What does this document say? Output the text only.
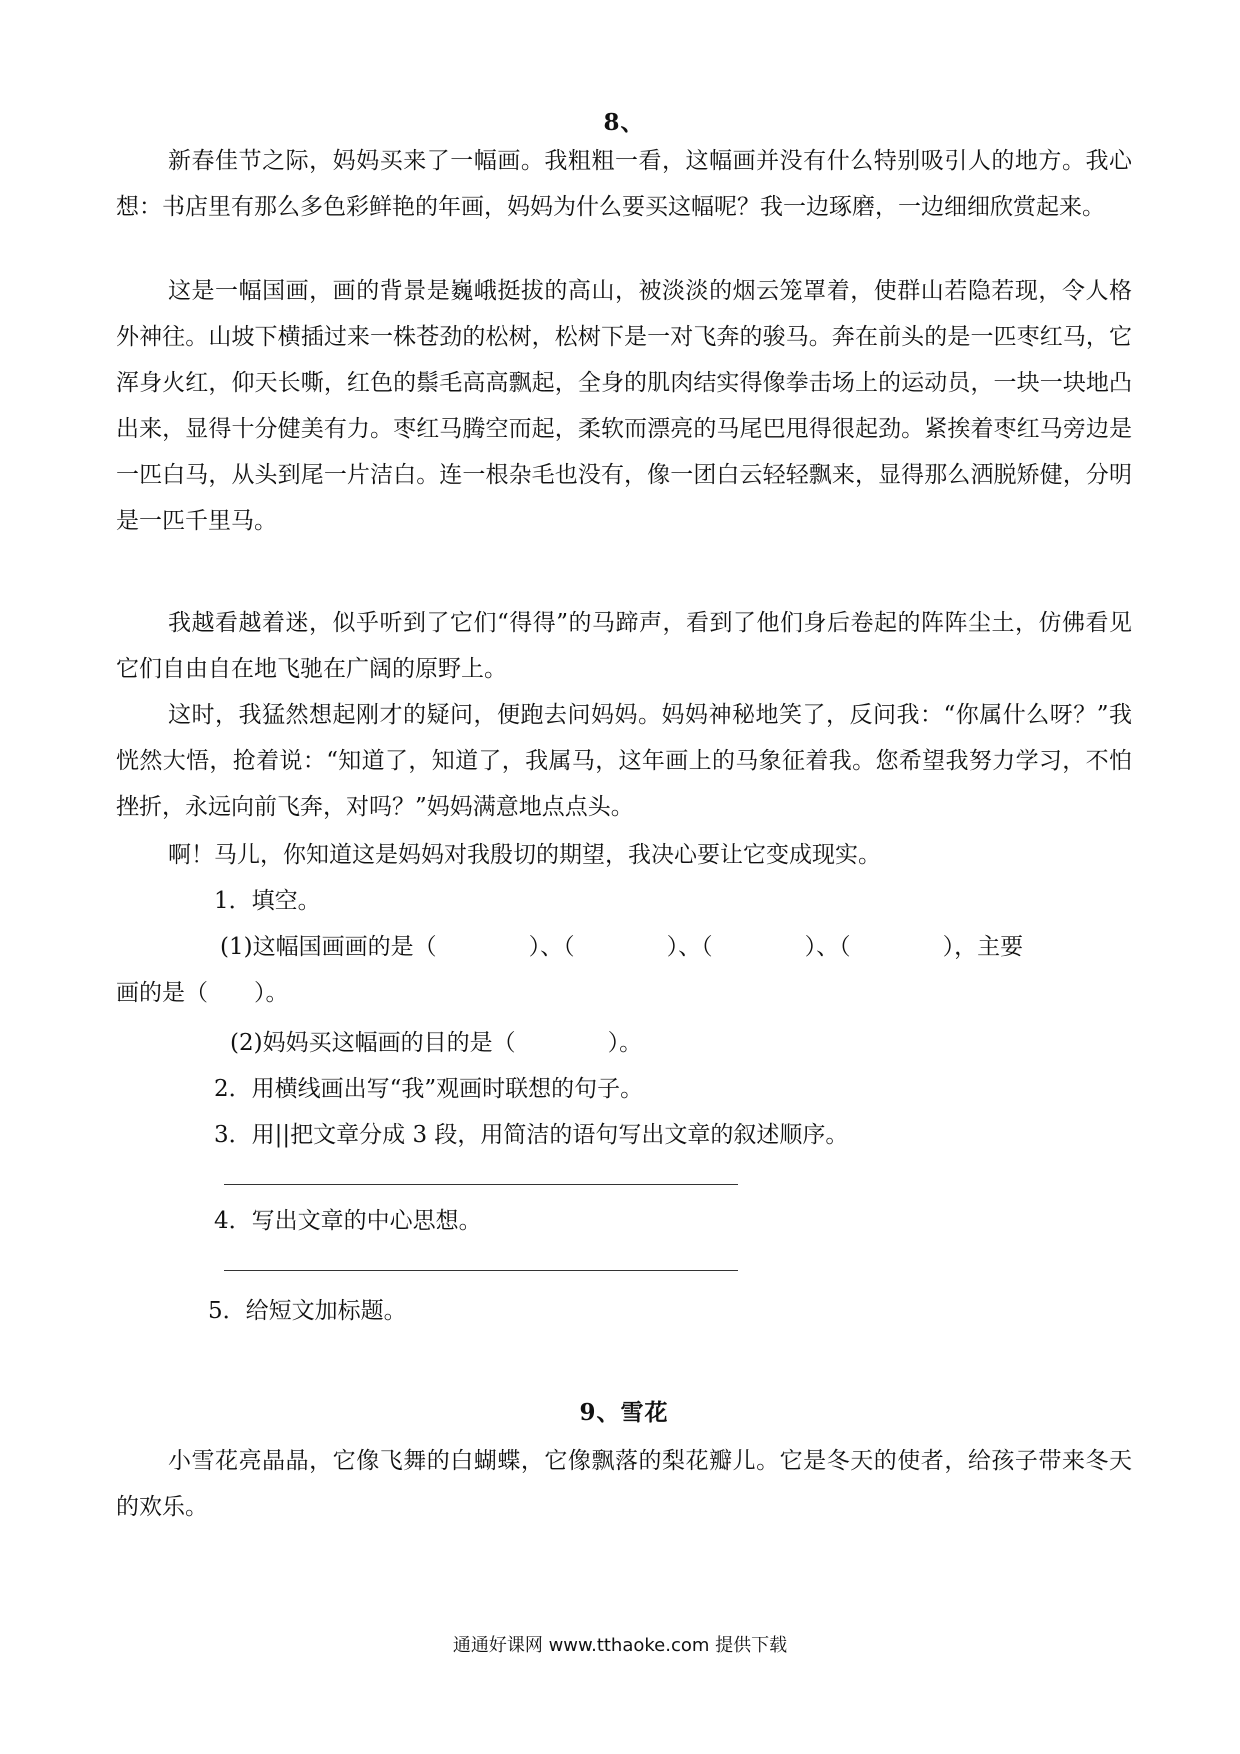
8、
新春佳节之际，妈妈买来了一幅画。我粗粗一看，这幅画并没有什么特别吸引人的地方。我心想：书店里有那么多色彩鲜艳的年画，妈妈为什么要买这幅呢？我一边琢磨，一边细细欣赏起来。
这是一幅国画，画的背景是巍峨挺拔的高山，被淡淡的烟云笼罩着，使群山若隐若现，令人格外神往。山坡下横插过来一株苍劲的松树，松树下是一对飞奔的骏马。奔在前头的是一匹枣红马，它浑身火红，仰天长嘶，红色的鬃毛高高飘起，全身的肌肉结实得像拳击场上的运动员，一块一块地凸出来，显得十分健美有力。枣红马腾空而起，柔软而漂亮的马尾巴甩得很起劲。紧挨着枣红马旁边是一匹白马，从头到尾一片洁白。连一根杂毛也没有，像一团白云轻轻飘来，显得那么洒脱矫健，分明是一匹千里马。
我越看越着迷，似乎听到了它们“得得”的马蹄声，看到了他们身后卷起的阵阵尘土，仿佛看见它们自由自在地飞驰在广阔的原野上。
这时，我猛然想起刚才的疑问，便跑去问妈妈。妈妈神秘地笑了，反问我：“你属什么呀？”我恍然大悟，抢着说：“知道了，知道了，我属马，这年画上的马象征着我。您希望我努力学习，不怕挫折，永远向前飞奔，对吗？”妈妈满意地点点头。
啊！马儿，你知道这是妈妈对我殷切的期望，我决心要让它变成现实。
1．填空。
(1)这幅国画画的是（　　　　）、（　　　　）、（　　　　）、（　　　　），主要
画的是（　　）。
(2)妈妈买这幅画的目的是（　　　　）。
2．用横线画出写“我”观画时联想的句子。
3．用||把文章分成 3 段，用简洁的语句写出文章的叙述顺序。
4．写出文章的中心思想。
5．给短文加标题。
9、雪花
小雪花亮晶晶，它像飞舞的白蝴蝶，它像飘落的梨花瓣儿。它是冬天的使者，给孩子带来冬天的欢乐。
通通好课网 www.tthaoke.com 提供下载
